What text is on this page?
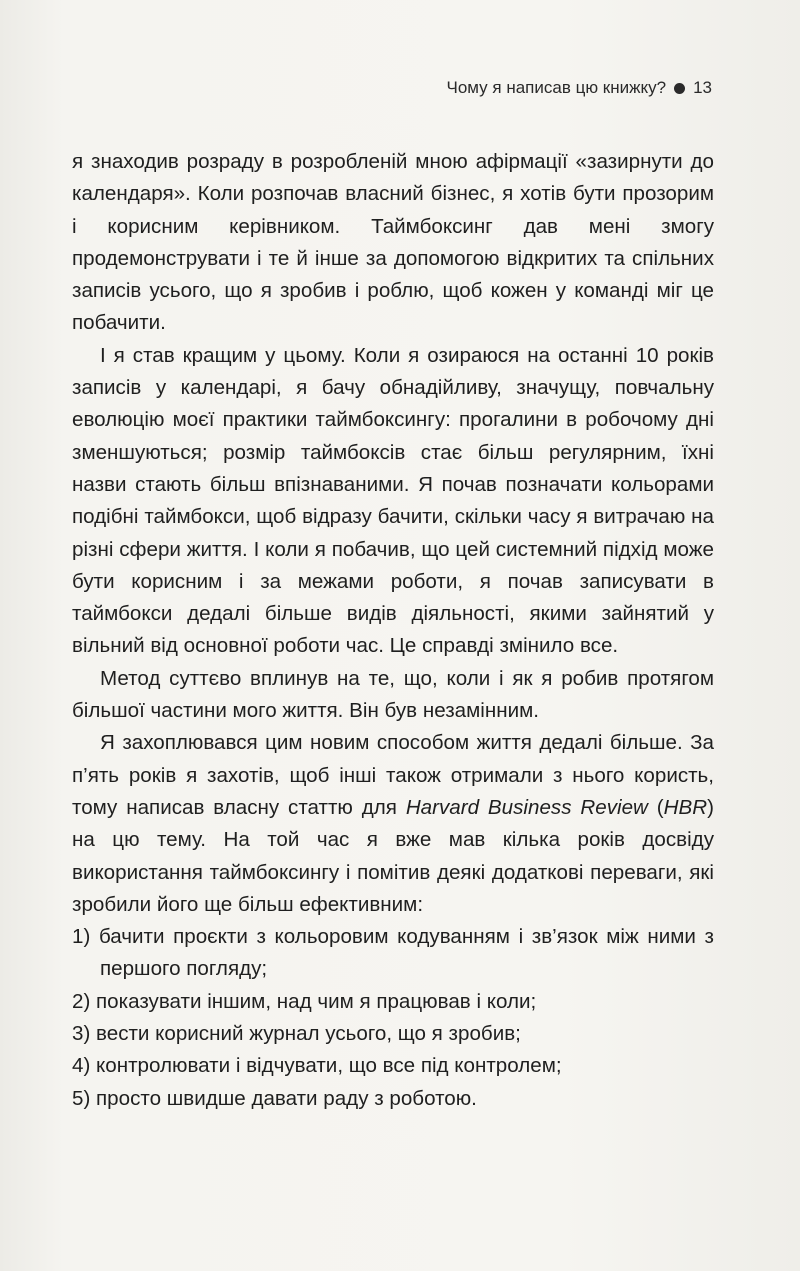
Чому я написав цю книжку? 13

я знаходив розраду в розробленій мною афірмації «зазирнути до календаря». Коли розпочав власний бізнес, я хотів бути прозорим і корисним керівником. Таймбоксинг дав мені змогу продемонструвати і те й інше за допомогою відкритих та спільних записів усього, що я зробив і роблю, щоб кожен у команді міг це побачити.

І я став кращим у цьому. Коли я озираюся на останні 10 років записів у календарі, я бачу обнадійливу, значущу, повчальну еволюцію моєї практики таймбоксингу: прогалини в робочому дні зменшуються; розмір таймбоксів стає більш регулярним, їхні назви стають більш впізнаваними. Я почав позначати кольорами подібні таймбокси, щоб відразу бачити, скільки часу я витрачаю на різні сфери життя. І коли я побачив, що цей системний підхід може бути корисним і за межами роботи, я почав записувати в таймбокси дедалі більше видів діяльності, якими зайнятий у вільний від основної роботи час. Це справді змінило все.

Метод суттєво вплинув на те, що, коли і як я робив протягом більшої частини мого життя. Він був незамінним.

Я захоплювався цим новим способом життя дедалі більше. За п’ять років я захотів, щоб інші також отримали з нього користь, тому написав власну статтю для Harvard Business Review (HBR) на цю тему. На той час я вже мав кілька років досвіду використання таймбоксингу і помітив деякі додаткові переваги, які зробили його ще більш ефективним:

1) бачити проєкти з кольоровим кодуванням і зв’язок між ними з першого погляду;
2) показувати іншим, над чим я працював і коли;
3) вести корисний журнал усього, що я зробив;
4) контролювати і відчувати, що все під контролем;
5) просто швидше давати раду з роботою.
